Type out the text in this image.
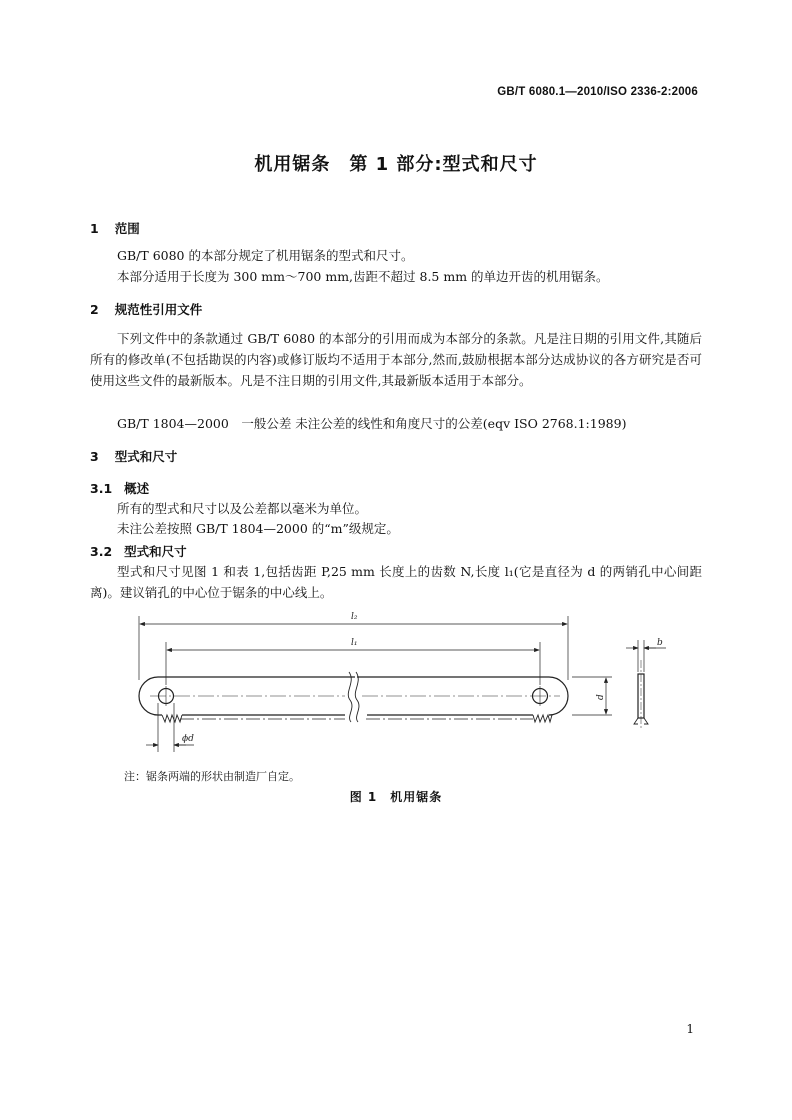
GB/T 6080.1—2010/ISO 2336-2:2006
机用锯条　第 1 部分:型式和尺寸
1 范围
GB/T 6080 的本部分规定了机用锯条的型式和尺寸。
本部分适用于长度为 300 mm～700 mm,齿距不超过 8.5 mm 的单边开齿的机用锯条。
2 规范性引用文件
下列文件中的条款通过 GB/T 6080 的本部分的引用而成为本部分的条款。凡是注日期的引用文件,其随后所有的修改单(不包括勘误的内容)或修订版均不适用于本部分,然而,鼓励根据本部分达成协议的各方研究是否可使用这些文件的最新版本。凡是不注日期的引用文件,其最新版本适用于本部分。
GB/T 1804—2000　一般公差 未注公差的线性和角度尺寸的公差(eqv ISO 2768.1:1989)
3 型式和尺寸
3.1 概述
所有的型式和尺寸以及公差都以毫米为单位。
未注公差按照 GB/T 1804—2000 的“m”级规定。
3.2 型式和尺寸
型式和尺寸见图 1 和表 1,包括齿距 P,25 mm 长度上的齿数 N,长度 l₁(它是直径为 d 的两销孔中心间距离)。建议销孔的中心位于锯条的中心线上。
l₂
l₁
ϕd
d
b
注：锯条两端的形状由制造厂自定。
图 1　机用锯条
1
